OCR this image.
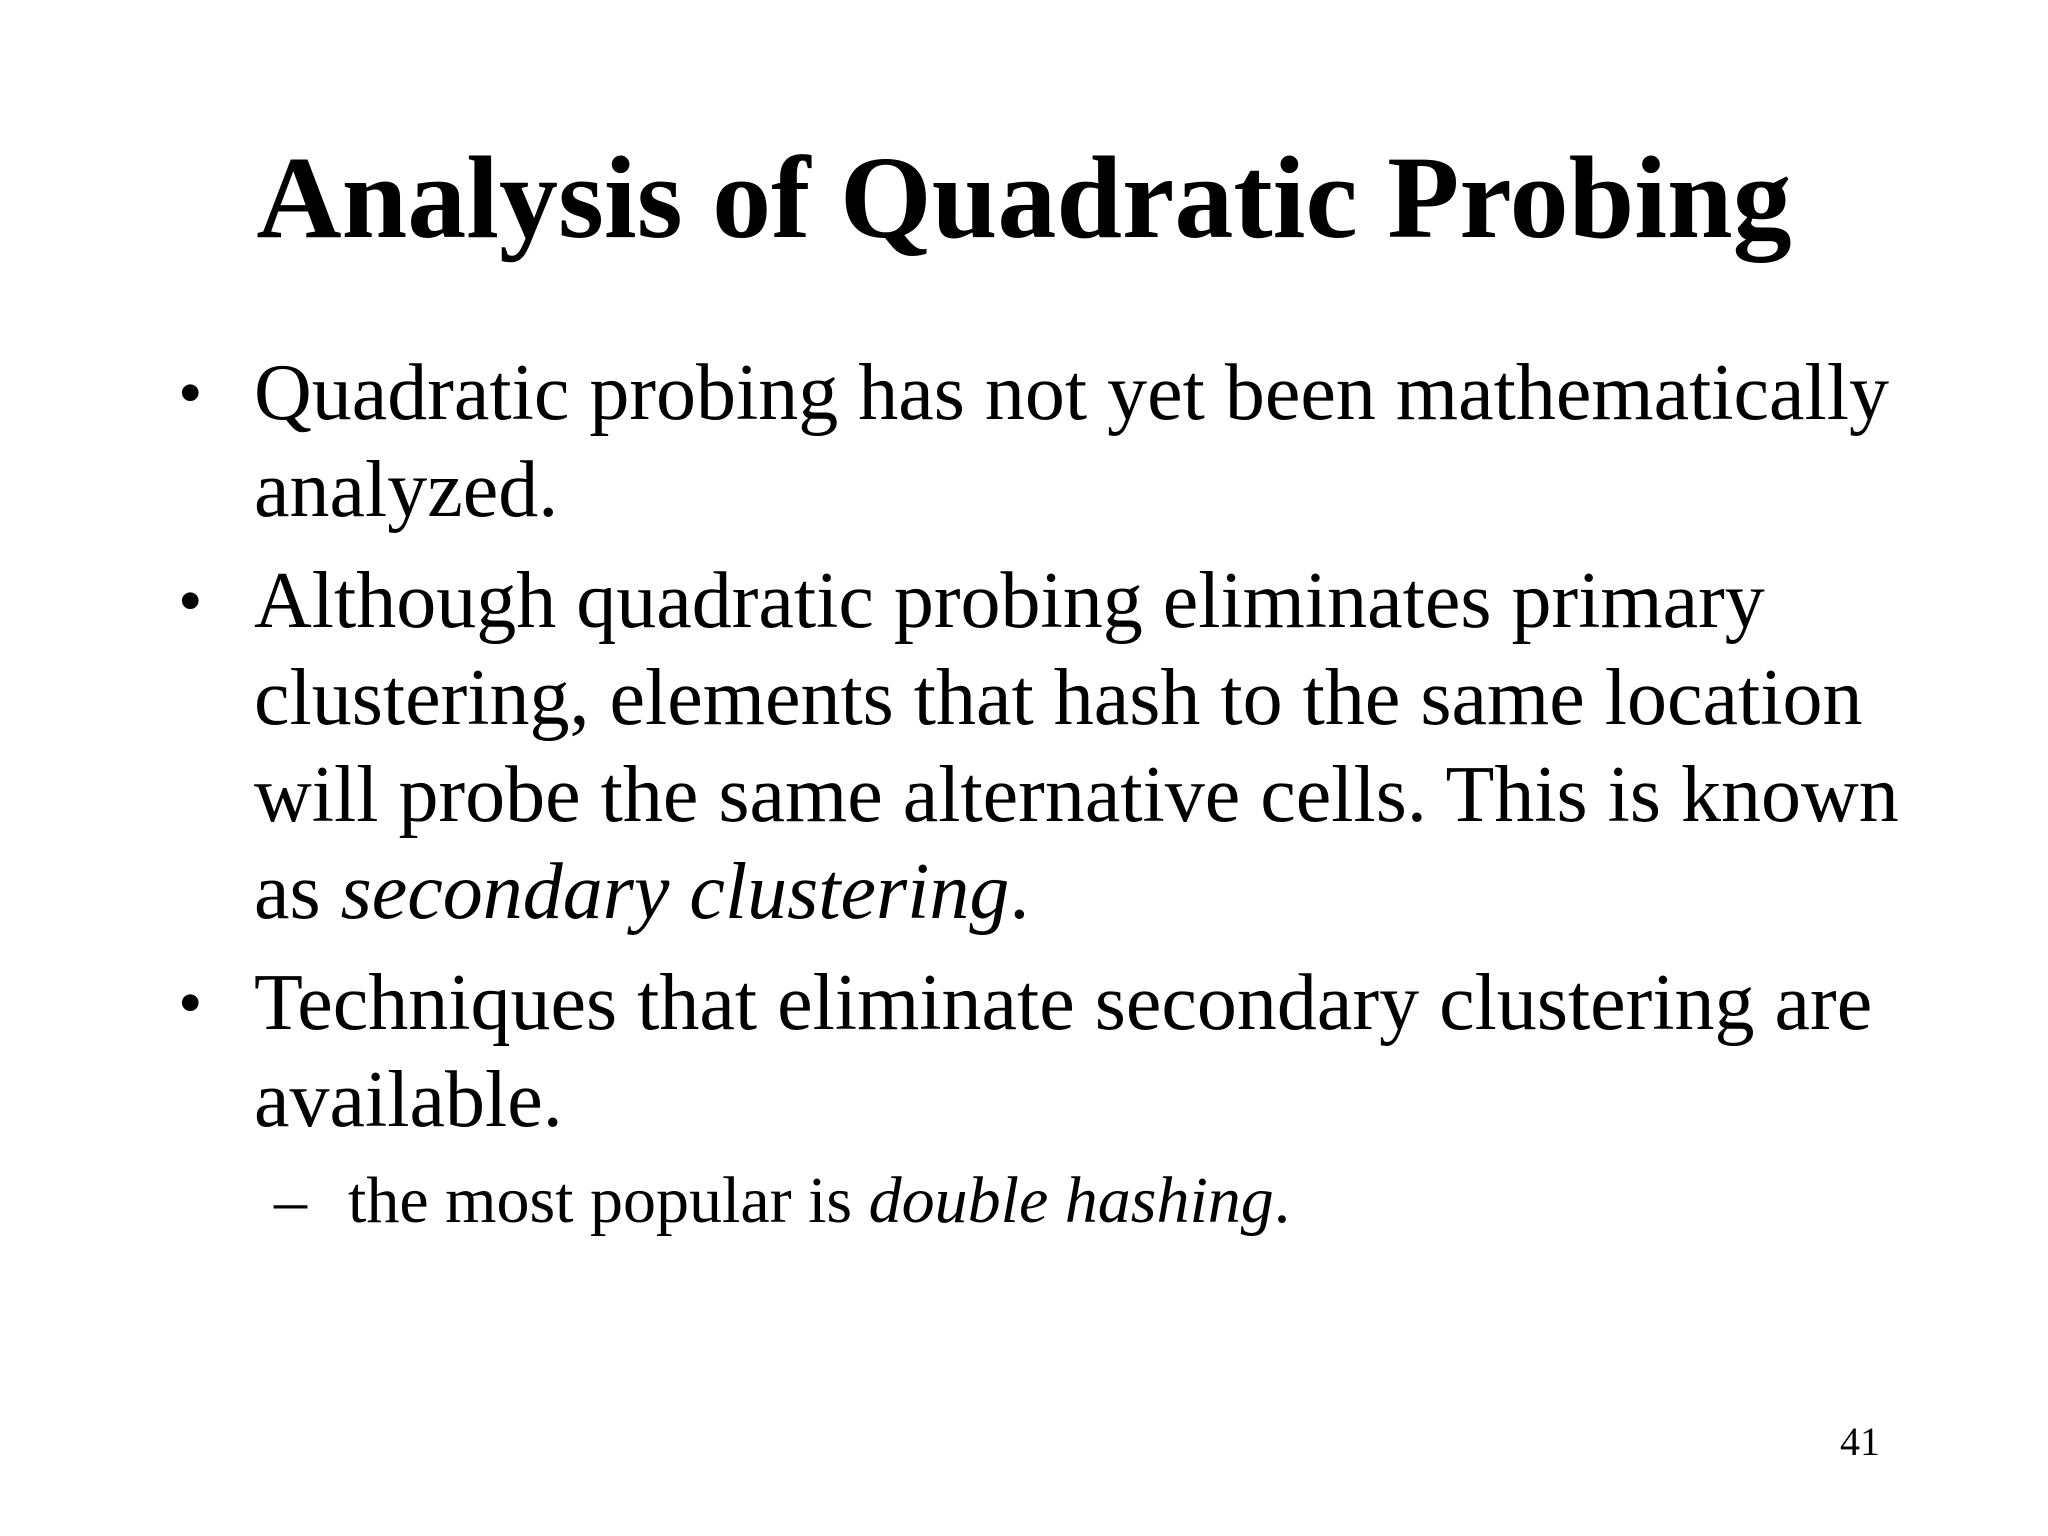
Analysis of Quadratic Probing
• Quadratic probing has not yet been mathematically analyzed.
• Although quadratic probing eliminates primary clustering, elements that hash to the same location will probe the same alternative cells. This is known as secondary clustering.
• Techniques that eliminate secondary clustering are available.
– the most popular is double hashing.
41
